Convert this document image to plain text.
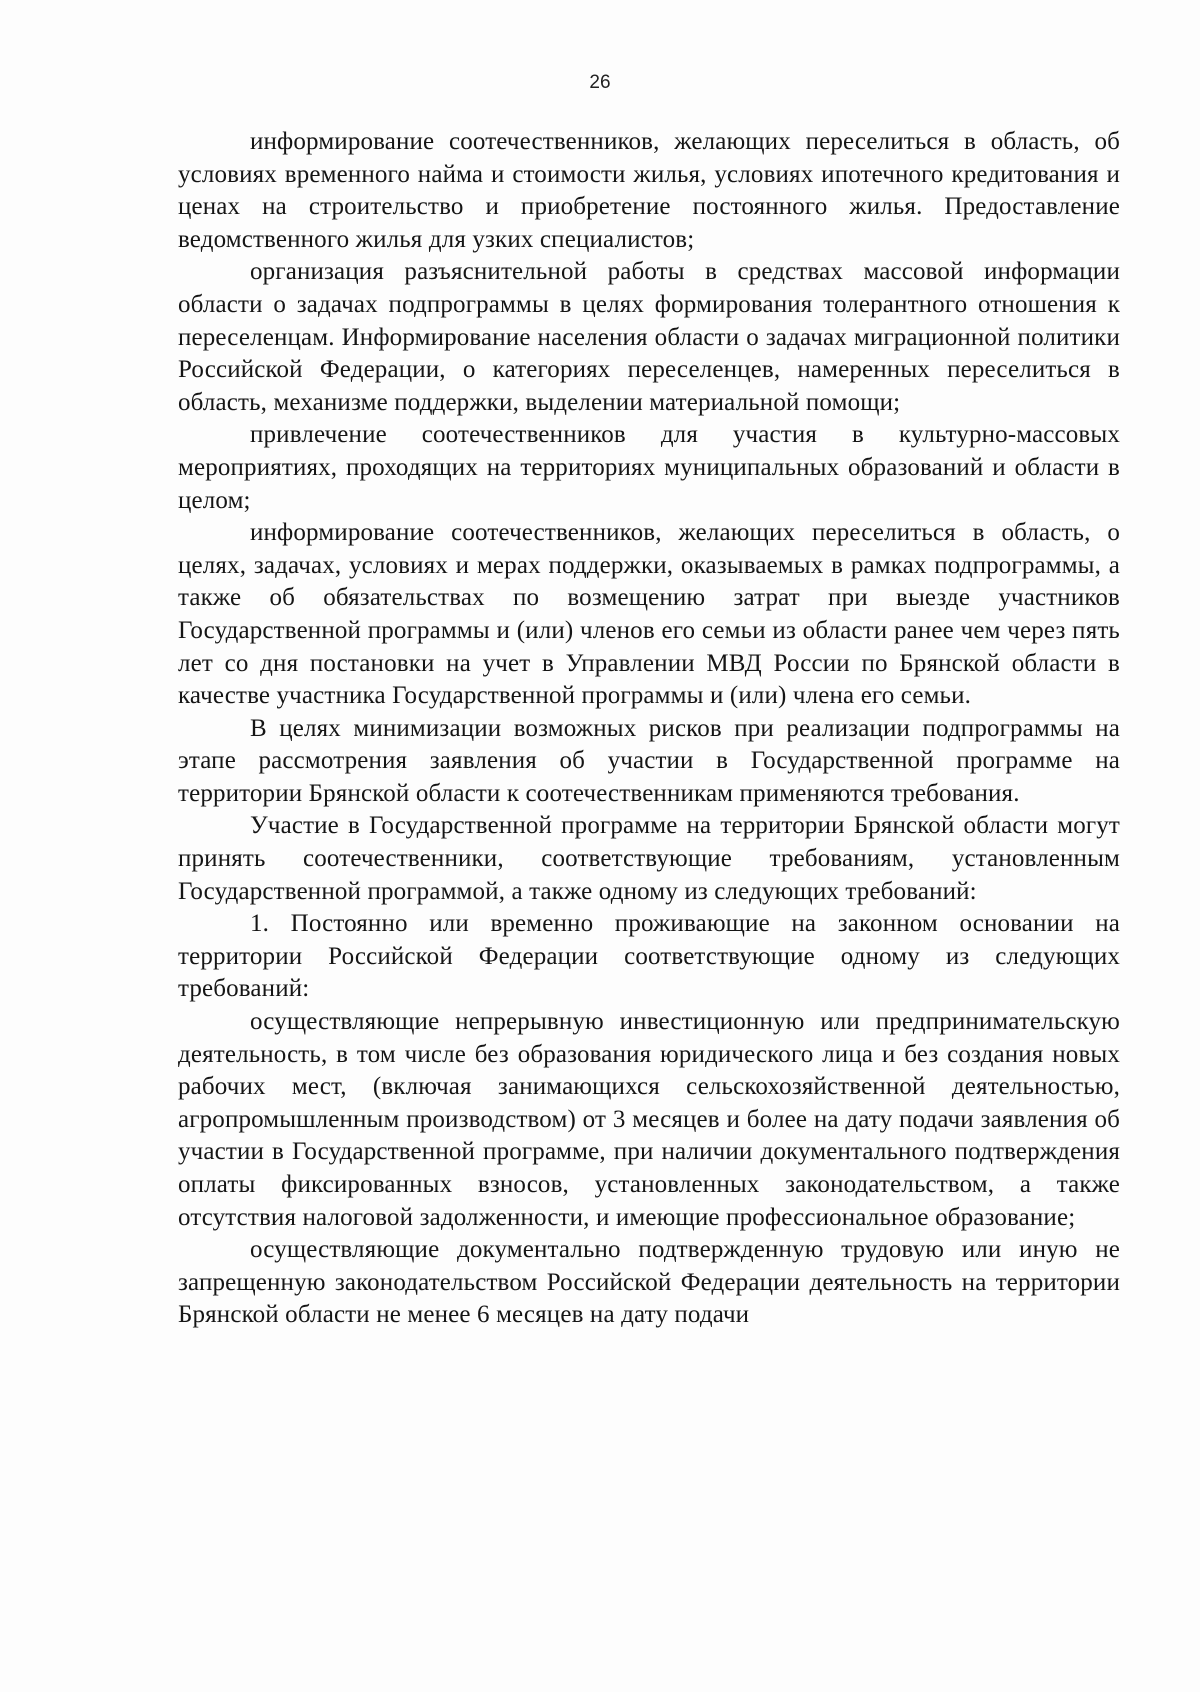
26

информирование соотечественников, желающих переселиться в область, об условиях временного найма и стоимости жилья, условиях ипотечного кредитования и ценах на строительство и приобретение постоянного жилья. Предоставление ведомственного жилья для узких специалистов;

организация разъяснительной работы в средствах массовой информации области о задачах подпрограммы в целях формирования толерантного отношения к переселенцам. Информирование населения области о задачах миграционной политики Российской Федерации, о категориях переселенцев, намеренных переселиться в область, механизме поддержки, выделении материальной помощи;

привлечение соотечественников для участия в культурно-массовых мероприятиях, проходящих на территориях муниципальных образований и области в целом;

информирование соотечественников, желающих переселиться в область, о целях, задачах, условиях и мерах поддержки, оказываемых в рамках подпрограммы, а также об обязательствах по возмещению затрат при выезде участников Государственной программы и (или) членов его семьи из области ранее чем через пять лет со дня постановки на учет в Управлении МВД России по Брянской области в качестве участника Государственной программы и (или) члена его семьи.

В целях минимизации возможных рисков при реализации подпрограммы на этапе рассмотрения заявления об участии в Государственной программе на территории Брянской области к соотечественникам применяются требования.

Участие в Государственной программе на территории Брянской области могут принять соотечественники, соответствующие требованиям, установленным Государственной программой, а также одному из следующих требований:

1. Постоянно или временно проживающие на законном основании на территории Российской Федерации соответствующие одному из следующих требований:

осуществляющие непрерывную инвестиционную или предпринимательскую деятельность, в том числе без образования юридического лица и без создания новых рабочих мест, (включая занимающихся сельскохозяйственной деятельностью, агропромышленным производством) от 3 месяцев и более на дату подачи заявления об участии в Государственной программе, при наличии документального подтверждения оплаты фиксированных взносов, установленных законодательством, а также отсутствия налоговой задолженности, и имеющие профессиональное образование;

осуществляющие документально подтвержденную трудовую или иную не запрещенную законодательством Российской Федерации деятельность на территории Брянской области не менее 6 месяцев на дату подачи
